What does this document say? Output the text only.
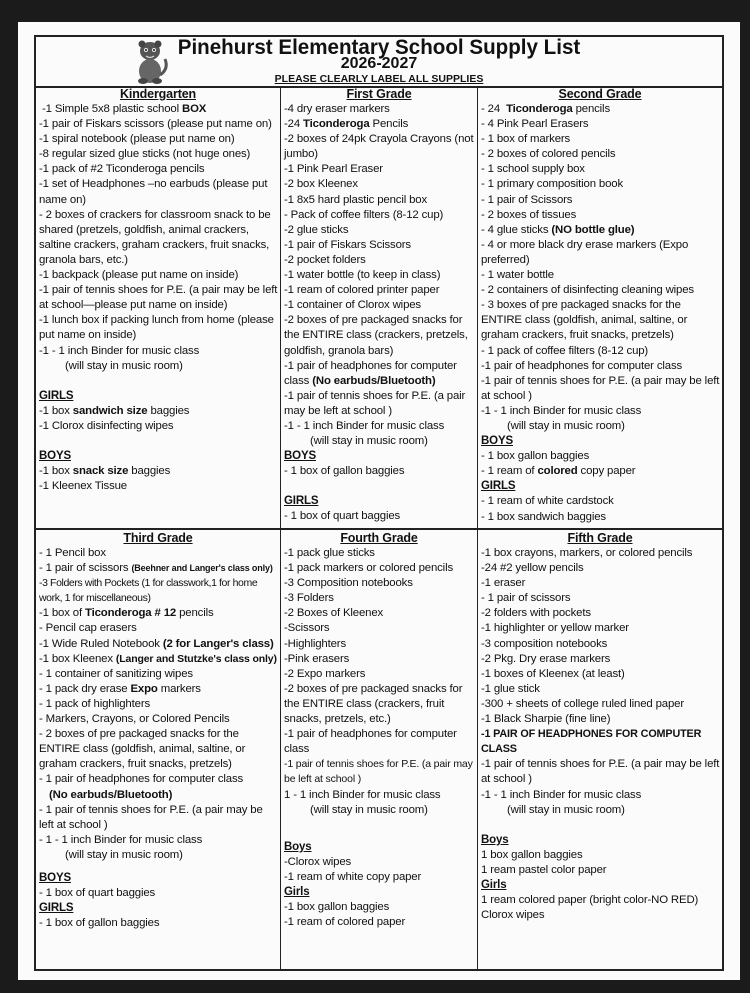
Pinehurst Elementary School Supply List
2026-2027
PLEASE CLEARLY LABEL ALL SUPPLIES
Kindergarten
-1 Simple 5x8 plastic school BOX
-1 pair of Fiskars scissors (please put name on)
-1 spiral notebook (please put name on)
-8 regular sized glue sticks (not huge ones)
-1 pack of #2 Ticonderoga pencils
-1 set of Headphones –no earbuds (please put name on)
- 2 boxes of crackers for classroom snack to be shared (pretzels, goldfish, animal crackers, saltine crackers, graham crackers, fruit snacks, granola bars, etc.)
-1 backpack (please put name on inside)
-1 pair of tennis shoes for P.E. (a pair may be left at school—please put name on inside)
-1 lunch box if packing lunch from home (please put name on inside)
-1 - 1 inch Binder for music class
(will stay in music room)
GIRLS
-1 box sandwich size baggies
-1 Clorox disinfecting wipes
BOYS
-1 box snack size baggies
-1 Kleenex Tissue
First Grade
-4 dry eraser markers
-24 Ticonderoga Pencils
-2 boxes of 24pk Crayola Crayons (not jumbo)
-1 Pink Pearl Eraser
-2 box Kleenex
-1 8x5 hard plastic pencil box
- Pack of coffee filters (8-12 cup)
-2 glue sticks
-1 pair of Fiskars Scissors
-2 pocket folders
-1 water bottle (to keep in class)
-1 ream of colored printer paper
-1 container of Clorox wipes
-2 boxes of pre packaged snacks for the ENTIRE class (crackers, pretzels, goldfish, granola bars)
-1 pair of headphones for computer class (No earbuds/Bluetooth)
-1 pair of tennis shoes for P.E. (a pair may be left at school )
-1 - 1 inch Binder for music class
(will stay in music room)
BOYS
- 1 box of gallon baggies
GIRLS
- 1 box of quart baggies
Second Grade
- 24  Ticonderoga pencils
- 4 Pink Pearl Erasers
- 1 box of markers
- 2 boxes of colored pencils
- 1 school supply box
- 1 primary composition book
- 1 pair of Scissors
- 2 boxes of tissues
- 4 glue sticks (NO bottle glue)
- 4 or more black dry erase markers (Expo preferred)
- 1 water bottle
- 2 containers of disinfecting cleaning wipes
- 3 boxes of pre packaged snacks for the ENTIRE class (goldfish, animal, saltine, or graham crackers, fruit snacks, pretzels)
- 1 pack of coffee filters (8-12 cup)
-1 pair of headphones for computer class
-1 pair of tennis shoes for P.E. (a pair may be left at school )
-1 - 1 inch Binder for music class
(will stay in music room)
BOYS
- 1 box gallon baggies
- 1 ream of colored copy paper
GIRLS
- 1 ream of white cardstock
- 1 box sandwich baggies
Third Grade
- 1 Pencil box
- 1 pair of scissors (Beehner and Langer's class only)
-3 Folders with Pockets (1 for classwork,1 for home work, 1 for miscellaneous)
-1 box of Ticonderoga # 12 pencils
- Pencil cap erasers
-1 Wide Ruled Notebook (2 for Langer's class)
-1 box Kleenex (Langer and Stutzke's class only)
- 1 container of sanitizing wipes
- 1 pack dry erase Expo markers
- 1 pack of highlighters
- Markers, Crayons, or Colored Pencils
- 2 boxes of pre packaged snacks for the ENTIRE class (goldfish, animal, saltine, or graham crackers, fruit snacks, pretzels)
- 1 pair of headphones for computer class
(No earbuds/Bluetooth)
- 1 pair of tennis shoes for P.E. (a pair may be left at school )
- 1 - 1 inch Binder for music class
(will stay in music room)
BOYS
- 1 box of quart baggies
GIRLS
- 1 box of gallon baggies
Fourth Grade
-1 pack glue sticks
-1 pack markers or colored pencils
-3 Composition notebooks
-3 Folders
-2 Boxes of Kleenex
-Scissors
-Highlighters
-Pink erasers
-2 Expo markers
-2 boxes of pre packaged snacks for the ENTIRE class (crackers, fruit snacks, pretzels, etc.)
-1 pair of headphones for computer class
-1 pair of tennis shoes for P.E. (a pair may be left at school )
1 - 1 inch Binder for music class
(will stay in music room)
Boys
-Clorox wipes
-1 ream of white copy paper
Girls
-1 box gallon baggies
-1 ream of colored paper
Fifth Grade
-1 box crayons, markers, or colored pencils
-24 #2 yellow pencils
-1 eraser
- 1 pair of scissors
-2 folders with pockets
-1 highlighter or yellow marker
-3 composition notebooks
-2 Pkg. Dry erase markers
-1 boxes of Kleenex (at least)
-1 glue stick
-300 + sheets of college ruled lined paper
-1 Black Sharpie (fine line)
-1 PAIR OF HEADPHONES FOR COMPUTER CLASS
-1 pair of tennis shoes for P.E. (a pair may be left at school )
-1 - 1 inch Binder for music class
(will stay in music room)
Boys
1 box gallon baggies
1 ream pastel color paper
Girls
1 ream colored paper (bright color-NO RED)
Clorox wipes
